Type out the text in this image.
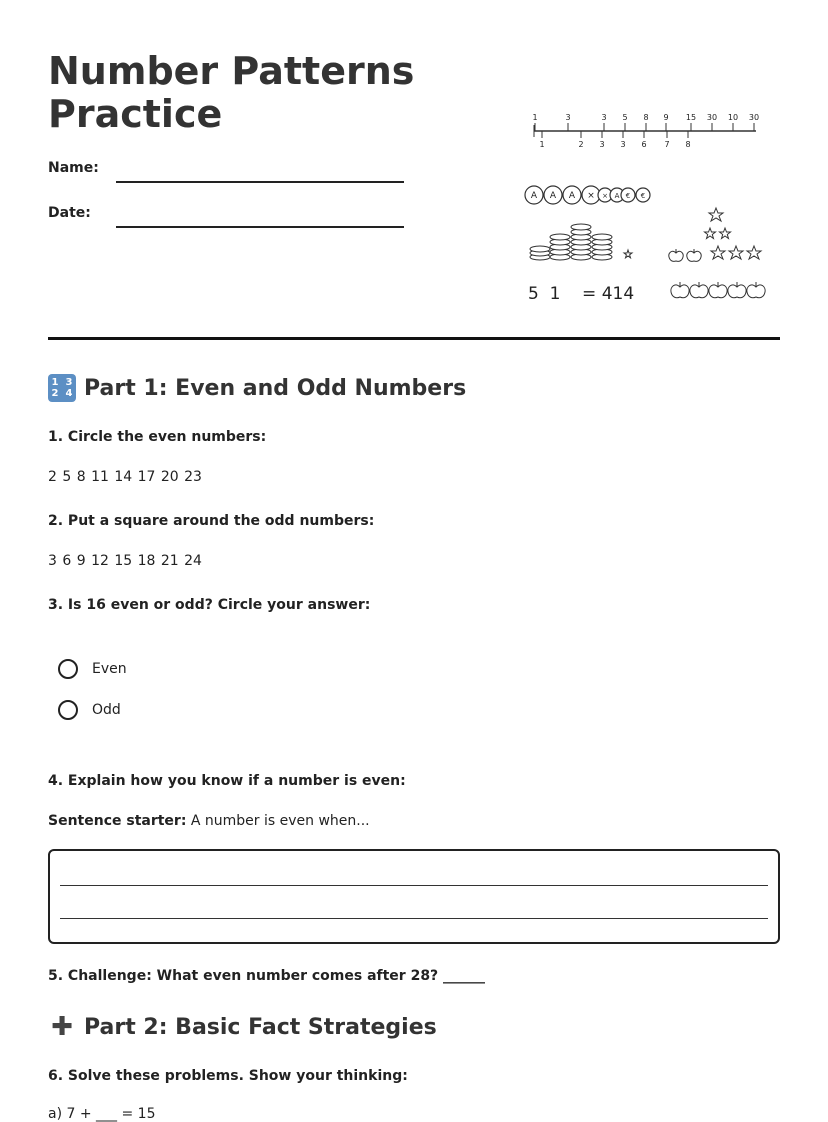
Number Patterns
Practice
Name:
Date:
1	3	3 5 8 9 15 30 10 30
1	2 3 3 6 7 8
A A A × × A € €
5  1    = 414
1 2

3 4 Part 1: Even and Odd Numbers
1. Circle the even numbers:
2 5 8 11 14 17 20 23
2. Put a square around the odd numbers:
3 6 9 12 15 18 21 24
3. Is 16 even or odd? Circle your answer:
Even
Odd
4. Explain how you know if a number is even:
Sentence starter: A number is even when...
5. Challenge: What even number comes after 28? ______
✚ Part 2: Basic Fact Strategies
6. Solve these problems. Show your thinking:
a) 7 + ___ = 15
